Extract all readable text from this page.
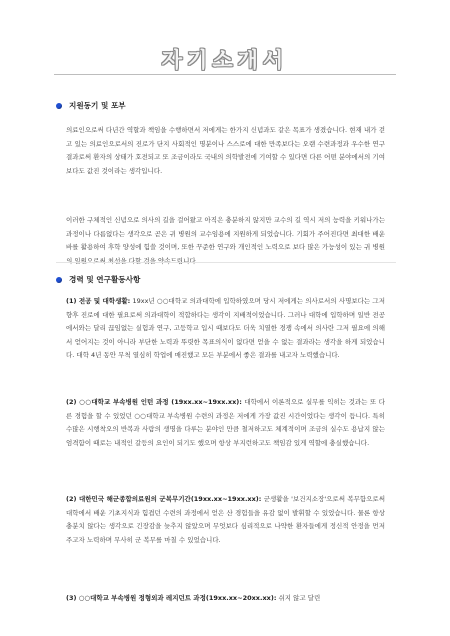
자기소개서
지원동기 및 포부

의료인으로써 다년간 역할과 책임을 수행하면서 저에게는 한가지 신념과도 같은 목표가 생겼습니다. 현재 내가 걷고 있는 의료인으로서의 진로가 단지 사회적인 명분이나 스스로에 대한 만족보다는 오랜 수련과정과 우수한 연구 결과로써 환자의 상태가 호전되고 또 조금이라도 국내의 의학발전에 기여할 수 있다면 다른 어떤 분야에서의 기여보다도 값진 것이라는 생각입니다.

이러한 구체적인 신념으로 의사의 길을 걸어왔고 아직은 충분하지 않지만 교수의 길 역시 저의 능력을 키워나가는 과정이나 다름없다는 생각으로 곧은 귀 병원의 교수임용에 지원하게 되었습니다. 기회가 주어진다면 최대한 배운 바를 활용하여 후학 양성에 힘쓸 것이며, 또한 꾸준한 연구와 개인적인 노력으로 보다 많은 가능성이 있는 귀 병원의 일원으로써 최선을 다할 것을 약속드립니다.

경력 및 연구활동사항

(1) 전공 및 대학생활: 19xx년 ○○대학교 의과대학에 입학하였으며 당시 저에게는 의사로서의 사명보다는 그저 향후 진로에 대한 필요로써 의과대학이 적합하다는 생각이 지배적이었습니다. 그러나 대학에 입학하며 일반 전공에서와는 달리 끊임없는 실험과 연구, 고등학교 입시 때보다도 더욱 치열한 경쟁 속에서 의사란 그저 필요에 의해서 얻어지는 것이 아니라 부단한 노력과 뚜렷한 목표의식이 없다면 얻을 수 없는 결과라는 생각을 하게 되었습니다. 대학 4년 동안 무척 열심히 학업에 매진했고 모든 부분에서 좋은 결과를 내고자 노력했습니다.

(2) ○○대학교 부속병원 인턴 과정 (19xx.xx~19xx.xx): 대학에서 이론적으로 실무를 익히는 것과는 또 다른 경험을 할 수 있었던 ○○대학교 부속병원 수련의 과정은 저에게 가장 값진 시간이었다는 생각이 듭니다. 특히 수많은 시행착오의 반복과 사람의 생명을 다루는 분야인 만큼 철저하고도 체계적이며 조금의 실수도 용납지 않는 엄격함이 때로는 내적인 갈등의 요인이 되기도 했으며 항상 부지런하고도 책임감 있게 역할에 충실했습니다.

(2) 대한민국 해군종합의료원의 군복무기간(19xx.xx~19xx.xx): 군생활을 '보건지소장'으로써 복무함으로써 대학에서 배운 기초지식과 힘겹던 수련의 과정에서 얻은 산 경험들을 유감 없이 발휘할 수 있었습니다. 물론 항상 충분치 않다는 생각으로 긴장감을 늦추지 않았으며 무엇보다 심리적으로 나약한 환자들에게 정신적 안정을 먼저 주고자 노력하며 무사히 군 복무를 마칠 수 있었습니다.

(3) ○○대학교 부속병원 정형외과 레지던트 과정(19xx.xx~20xx.xx): 쉬지 않고 달린
